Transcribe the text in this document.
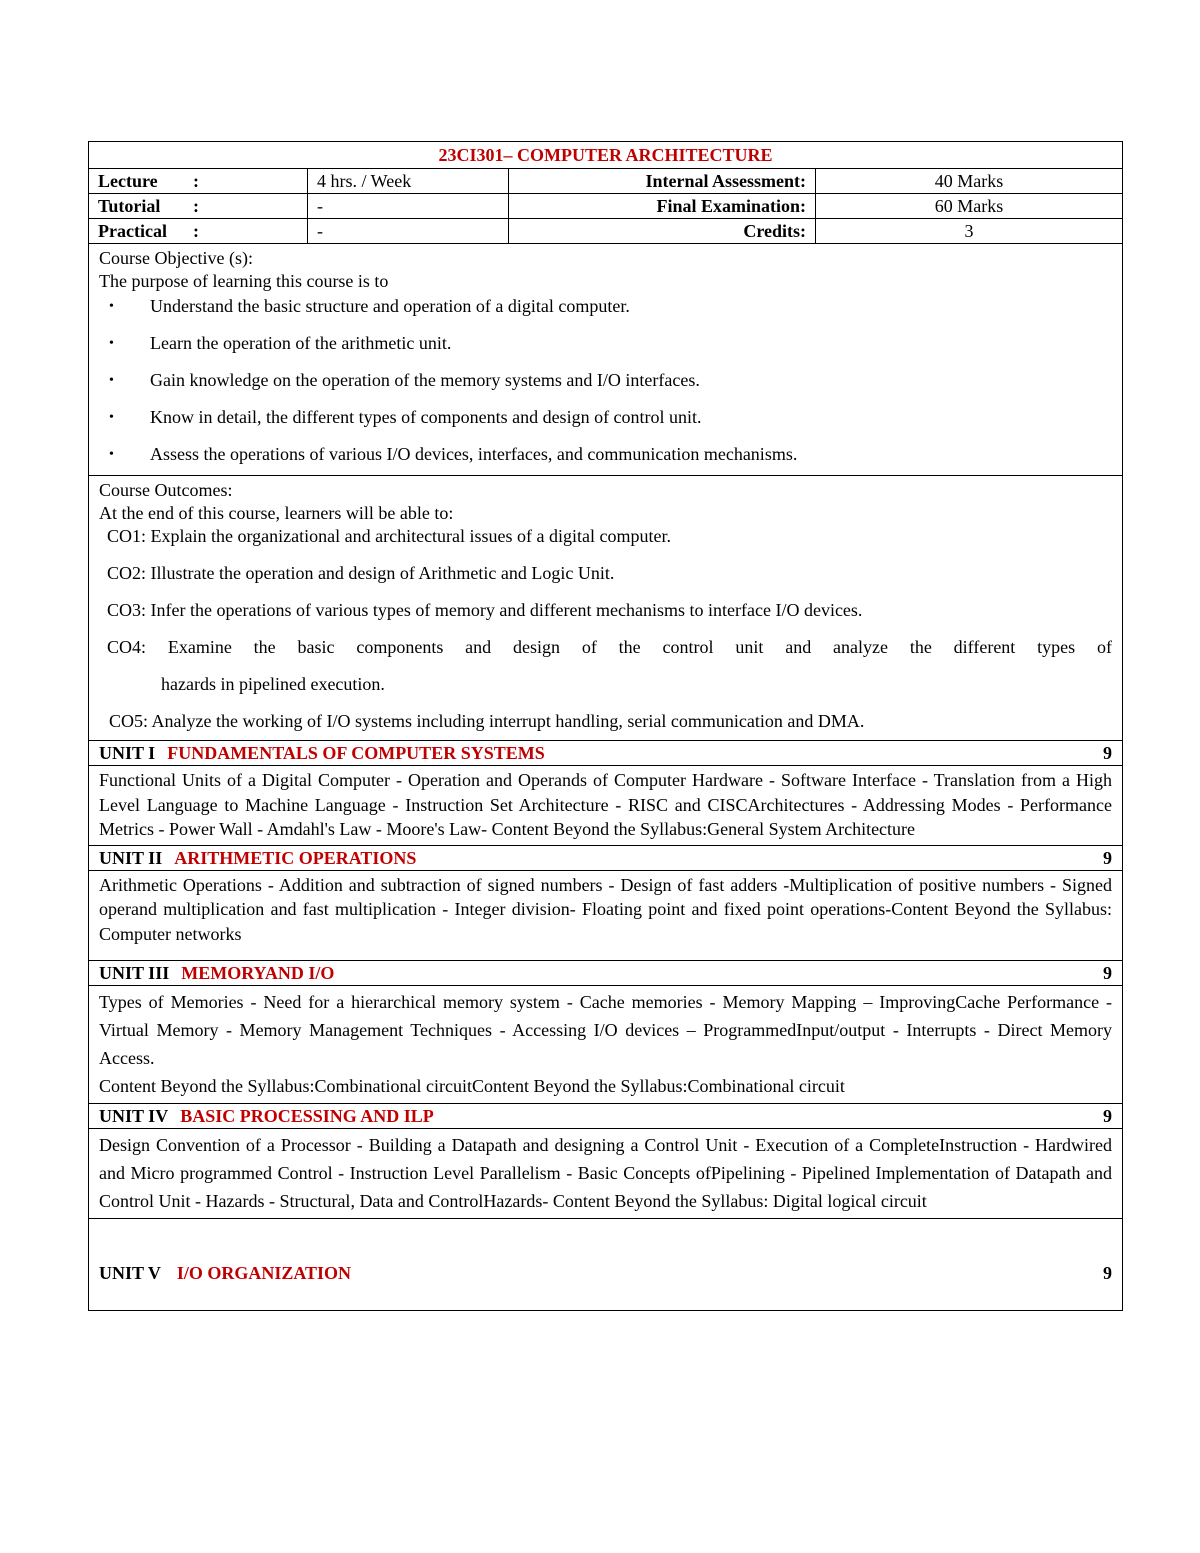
23CI301– COMPUTER ARCHITECTURE
Lecture :	4 hrs. / Week	Internal Assessment:	40 Marks
Tutorial :	-	Final Examination:	60 Marks
Practical :	-	Credits:	3
Course Objective (s):
The purpose of learning this course is to
• Understand the basic structure and operation of a digital computer.
• Learn the operation of the arithmetic unit.
• Gain knowledge on the operation of the memory systems and I/O interfaces.
• Know in detail, the different types of components and design of control unit.
• Assess the operations of various I/O devices, interfaces, and communication mechanisms.
Course Outcomes:
At the end of this course, learners will be able to:
CO1: Explain the organizational and architectural issues of a digital computer.
CO2: Illustrate the operation and design of Arithmetic and Logic Unit.
CO3: Infer the operations of various types of memory and different mechanisms to interface I/O devices.
CO4: Examine the basic components and design of the control unit and analyze the different types of
hazards in pipelined execution.
CO5: Analyze the working of I/O systems including interrupt handling, serial communication and DMA.
UNIT I FUNDAMENTALS OF COMPUTER SYSTEMS	9

Functional Units of a Digital Computer - Operation and Operands of Computer Hardware - Software Interface - Translation from a High Level Language to Machine Language - Instruction Set Architecture - RISC and CISCArchitectures - Addressing Modes - Performance Metrics - Power Wall - Amdahl's Law - Moore's Law- Content Beyond the Syllabus:General System Architecture

UNIT II ARITHMETIC OPERATIONS	9

Arithmetic Operations - Addition and subtraction of signed numbers - Design of fast adders -Multiplication of positive numbers - Signed operand multiplication and fast multiplication - Integer division- Floating point and fixed point operations-Content Beyond the Syllabus: Computer networks

UNIT III MEMORYAND I/O	9

Types of Memories - Need for a hierarchical memory system - Cache memories - Memory Mapping – ImprovingCache Performance - Virtual Memory - Memory Management Techniques - Accessing I/O devices – ProgrammedInput/output - Interrupts - Direct Memory Access.

Content Beyond the Syllabus:Combinational circuitContent Beyond the Syllabus:Combinational circuit

UNIT IV BASIC PROCESSING AND ILP	9

Design Convention of a Processor - Building a Datapath and designing a Control Unit - Execution of a CompleteInstruction - Hardwired and Micro programmed Control - Instruction Level Parallelism - Basic Concepts ofPipelining - Pipelined Implementation of Datapath and Control Unit - Hazards - Structural, Data and ControlHazards- Content Beyond the Syllabus: Digital logical circuit

UNIT V I/O ORGANIZATION	9
